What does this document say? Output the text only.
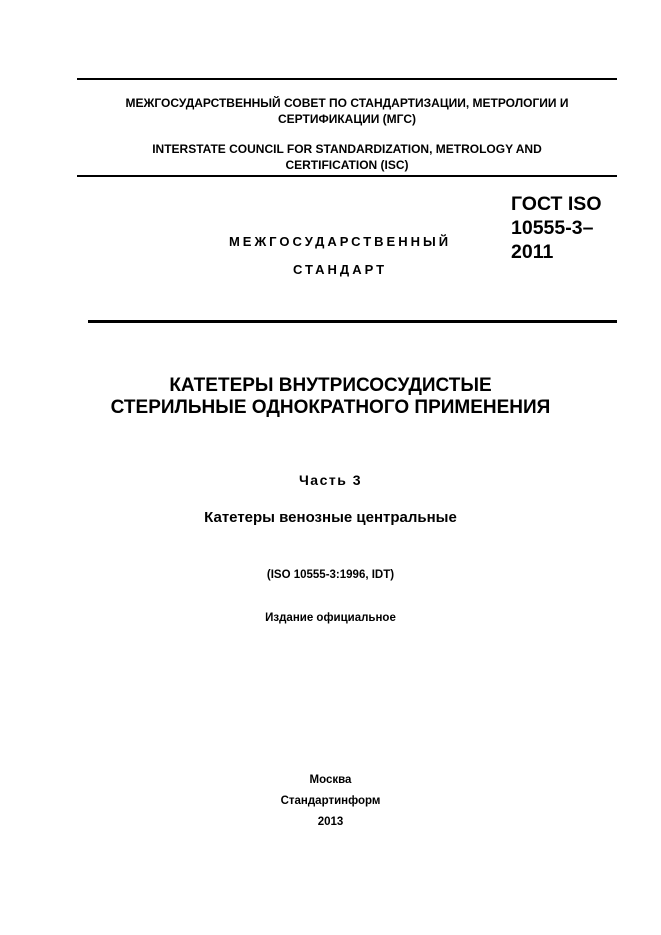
МЕЖГОСУДАРСТВЕННЫЙ СОВЕТ ПО СТАНДАРТИЗАЦИИ, МЕТРОЛОГИИ И СЕРТИФИКАЦИИ (МГС)
INTERSTATE COUNCIL FOR STANDARDIZATION, METROLOGY AND CERTIFICATION (ISC)
МЕЖГОСУДАРСТВЕННЫЙ
СТАНДАРТ
ГОСТ ISO
10555-3–
2011
КАТЕТЕРЫ ВНУТРИСОСУДИСТЫЕ СТЕРИЛЬНЫЕ ОДНОКРАТНОГО ПРИМЕНЕНИЯ
Часть 3
Катетеры венозные центральные
(ISO 10555-3:1996, IDT)
Издание официальное
Москва
Стандартинформ
2013
